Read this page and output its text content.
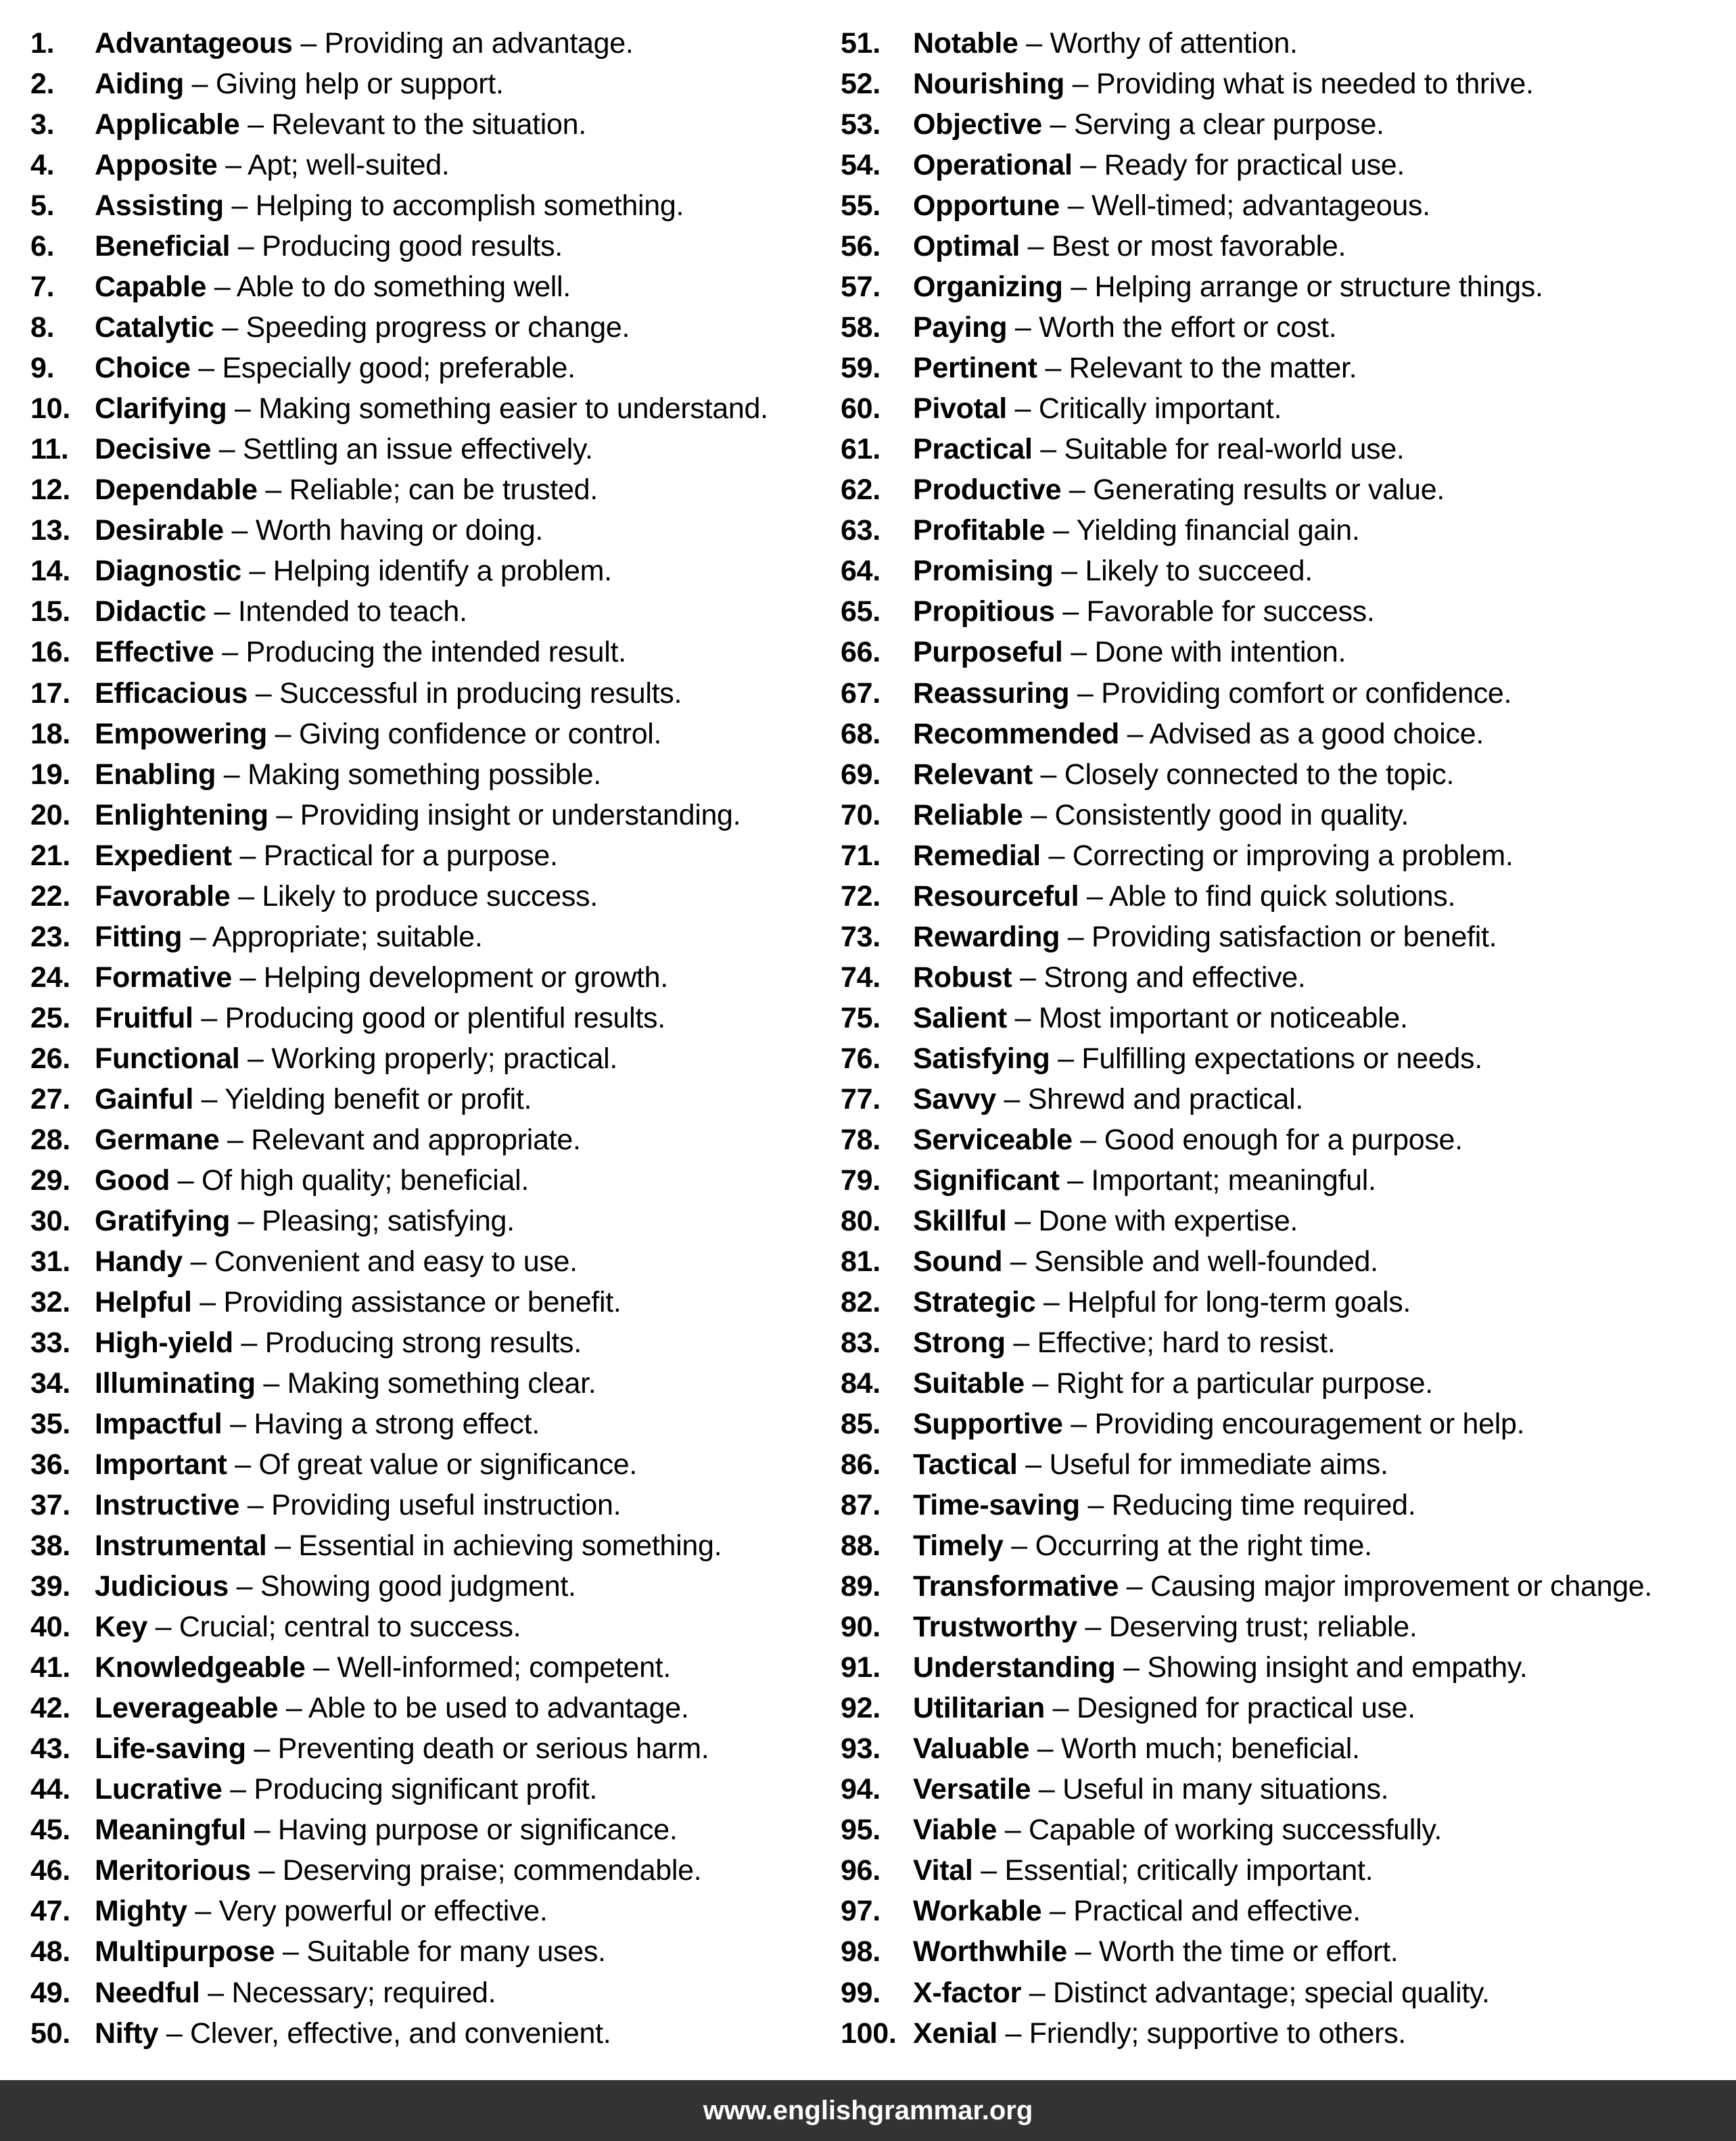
1. Advantageous – Providing an advantage.
2. Aiding – Giving help or support.
3. Applicable – Relevant to the situation.
4. Apposite – Apt; well-suited.
5. Assisting – Helping to accomplish something.
6. Beneficial – Producing good results.
7. Capable – Able to do something well.
8. Catalytic – Speeding progress or change.
9. Choice – Especially good; preferable.
10. Clarifying – Making something easier to understand.
11. Decisive – Settling an issue effectively.
12. Dependable – Reliable; can be trusted.
13. Desirable – Worth having or doing.
14. Diagnostic – Helping identify a problem.
15. Didactic – Intended to teach.
16. Effective – Producing the intended result.
17. Efficacious – Successful in producing results.
18. Empowering – Giving confidence or control.
19. Enabling – Making something possible.
20. Enlightening – Providing insight or understanding.
21. Expedient – Practical for a purpose.
22. Favorable – Likely to produce success.
23. Fitting – Appropriate; suitable.
24. Formative – Helping development or growth.
25. Fruitful – Producing good or plentiful results.
26. Functional – Working properly; practical.
27. Gainful – Yielding benefit or profit.
28. Germane – Relevant and appropriate.
29. Good – Of high quality; beneficial.
30. Gratifying – Pleasing; satisfying.
31. Handy – Convenient and easy to use.
32. Helpful – Providing assistance or benefit.
33. High-yield – Producing strong results.
34. Illuminating – Making something clear.
35. Impactful – Having a strong effect.
36. Important – Of great value or significance.
37. Instructive – Providing useful instruction.
38. Instrumental – Essential in achieving something.
39. Judicious – Showing good judgment.
40. Key – Crucial; central to success.
41. Knowledgeable – Well-informed; competent.
42. Leverageable – Able to be used to advantage.
43. Life-saving – Preventing death or serious harm.
44. Lucrative – Producing significant profit.
45. Meaningful – Having purpose or significance.
46. Meritorious – Deserving praise; commendable.
47. Mighty – Very powerful or effective.
48. Multipurpose – Suitable for many uses.
49. Needful – Necessary; required.
50. Nifty – Clever, effective, and convenient.
51. Notable – Worthy of attention.
52. Nourishing – Providing what is needed to thrive.
53. Objective – Serving a clear purpose.
54. Operational – Ready for practical use.
55. Opportune – Well-timed; advantageous.
56. Optimal – Best or most favorable.
57. Organizing – Helping arrange or structure things.
58. Paying – Worth the effort or cost.
59. Pertinent – Relevant to the matter.
60. Pivotal – Critically important.
61. Practical – Suitable for real-world use.
62. Productive – Generating results or value.
63. Profitable – Yielding financial gain.
64. Promising – Likely to succeed.
65. Propitious – Favorable for success.
66. Purposeful – Done with intention.
67. Reassuring – Providing comfort or confidence.
68. Recommended – Advised as a good choice.
69. Relevant – Closely connected to the topic.
70. Reliable – Consistently good in quality.
71. Remedial – Correcting or improving a problem.
72. Resourceful – Able to find quick solutions.
73. Rewarding – Providing satisfaction or benefit.
74. Robust – Strong and effective.
75. Salient – Most important or noticeable.
76. Satisfying – Fulfilling expectations or needs.
77. Savvy – Shrewd and practical.
78. Serviceable – Good enough for a purpose.
79. Significant – Important; meaningful.
80. Skillful – Done with expertise.
81. Sound – Sensible and well-founded.
82. Strategic – Helpful for long-term goals.
83. Strong – Effective; hard to resist.
84. Suitable – Right for a particular purpose.
85. Supportive – Providing encouragement or help.
86. Tactical – Useful for immediate aims.
87. Time-saving – Reducing time required.
88. Timely – Occurring at the right time.
89. Transformative – Causing major improvement or change.
90. Trustworthy – Deserving trust; reliable.
91. Understanding – Showing insight and empathy.
92. Utilitarian – Designed for practical use.
93. Valuable – Worth much; beneficial.
94. Versatile – Useful in many situations.
95. Viable – Capable of working successfully.
96. Vital – Essential; critically important.
97. Workable – Practical and effective.
98. Worthwhile – Worth the time or effort.
99. X-factor – Distinct advantage; special quality.
100. Xenial – Friendly; supportive to others.
www.englishgrammar.org
